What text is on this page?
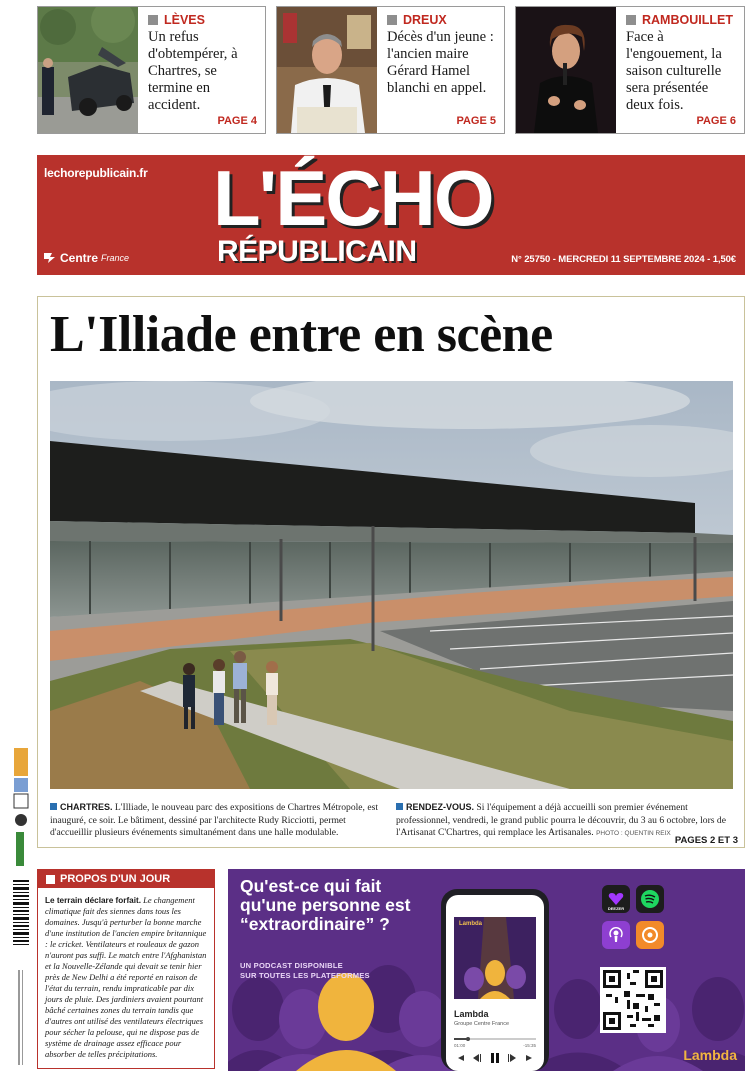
LÈVES
Un refus d'obtempérer, à Chartres, se termine en accident.
PAGE 4
DREUX
Décès d'un jeune : l'ancien maire Gérard Hamel blanchi en appel.
PAGE 5
RAMBOUILLET
Face à l'engouement, la saison culturelle sera présentée deux fois.
PAGE 6
lechorepublicain.fr L'ÉCHO
RÉPUBLICAIN
Centre France	N° 25750 - MERCREDI 11 SEPTEMBRE 2024 - 1,50€
L'Illiade entre en scène
CHARTRES. L'Illiade, le nouveau parc des expositions de Chartres Métropole, est inauguré, ce soir. Le bâtiment, dessiné par l'architecte Rudy Ricciotti, permet d'accueillir plusieurs événements simultanément dans une halle modulable.
RENDEZ-VOUS. Si l'équipement a déjà accueilli son premier événement professionnel, vendredi, le grand public pourra le découvrir, du 3 au 6 octobre, lors de l'Artisanat C'Chartres, qui remplace les Artisanales. PHOTO : QUENTIN REIX
PAGES 2 ET 3
PROPOS D'UN JOUR
Le terrain déclare forfait. Le changement climatique fait des siennes dans tous les domaines. Jusqu'à perturber la bonne marche d'une institution de l'ancien empire britannique : le cricket. Ventilateurs et rouleaux de gazon n'auront pas suffi. Le match entre l'Afghanistan et la Nouvelle-Zélande qui devait se tenir hier près de New Delhi a été reporté en raison de l'état du terrain, rendu impraticable par dix jours de pluie. Des jardiniers avaient pourtant bâché certaines zones du terrain tandis que d'autres ont utilisé des ventilateurs électriques pour sécher la pelouse, qui ne dispose pas de système de drainage assez efficace pour absorber de telles précipitations.
Qu'est-ce qui fait qu'une personne est “extraordinaire” ?
UN PODCAST DISPONIBLE
SUR TOUTES LES PLATEFORMES
Lambda
Lambda
Groupe Centre France
01:00	-15:35
DEEZER
Lambda
